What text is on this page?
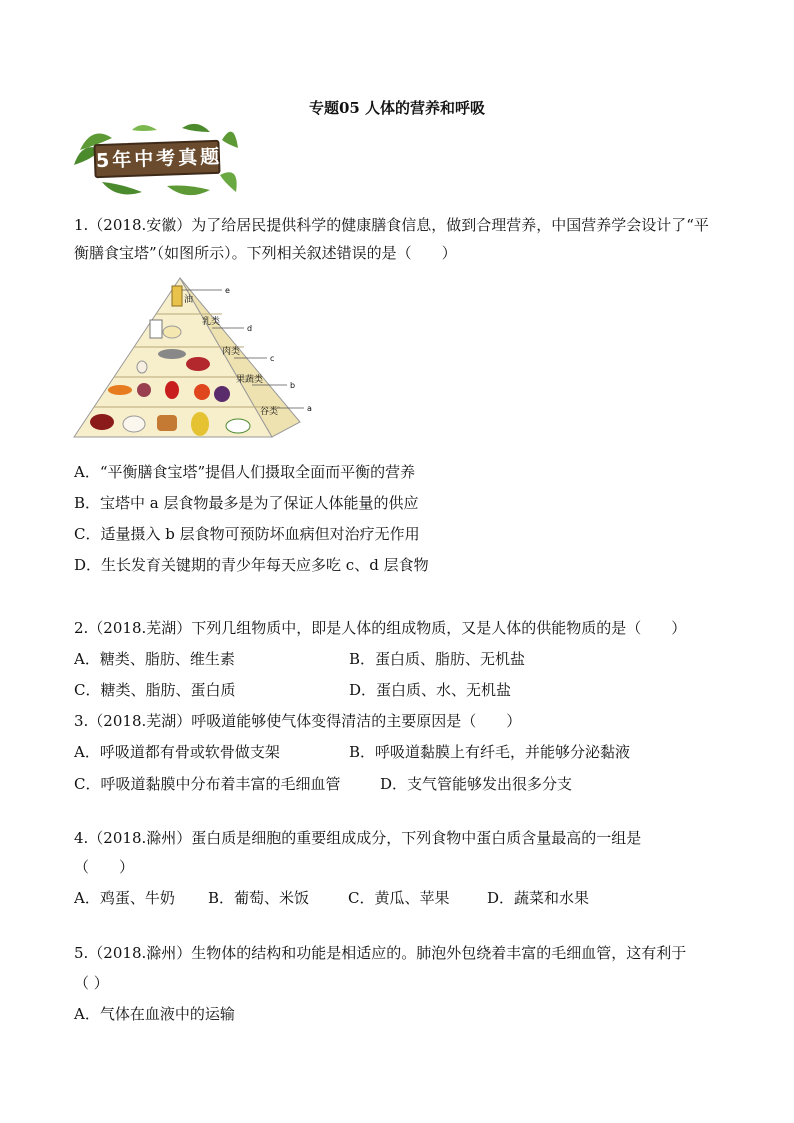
专题05 人体的营养和呼吸
5年中考真题
1.（2018.安徽）为了给居民提供科学的健康膳食信息，做到合理营养，中国营养学会设计了“平
衡膳食宝塔”（如图所示）。下列相关叙述错误的是（　　）
油
乳类
肉类
果蔬类
谷类
e
d
c
b
a
A．“平衡膳食宝塔”提倡人们摄取全面而平衡的营养
B．宝塔中 a 层食物最多是为了保证人体能量的供应
C．适量摄入 b 层食物可预防坏血病但对治疗无作用
D．生长发育关键期的青少年每天应多吃 c、d 层食物
2.（2018.芜湖）下列几组物质中，即是人体的组成物质，又是人体的供能物质的是（　　）
A．糖类、脂肪、维生素	B．蛋白质、脂肪、无机盐
C．糖类、脂肪、蛋白质	D．蛋白质、水、无机盐
3.（2018.芜湖）呼吸道能够使气体变得清洁的主要原因是（　　）
A．呼吸道都有骨或软骨做支架	B．呼吸道黏膜上有纤毛，并能够分泌黏液
C．呼吸道黏膜中分布着丰富的毛细血管	D．支气管能够发出很多分支
4.（2018.滁州）蛋白质是细胞的重要组成成分，下列食物中蛋白质含量最高的一组是
（　　）
A．鸡蛋、牛奶 B．葡萄、米饭	C．黄瓜、苹果	D．蔬菜和水果
5.（2018.滁州）生物体的结构和功能是相适应的。肺泡外包绕着丰富的毛细血管，这有利于
（ ）
A．气体在血液中的运输
